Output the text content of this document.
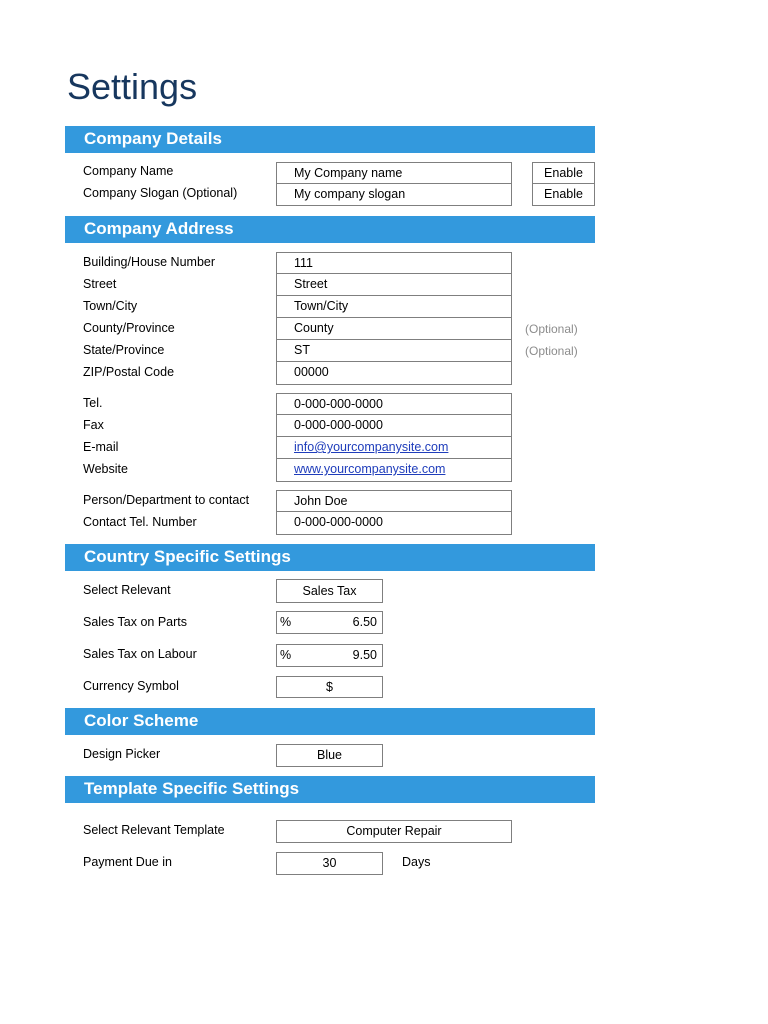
Settings
Company Details
Company Name	My Company name	Enable
Company Slogan (Optional)	My company slogan	Enable
Company Address
Building/House Number	111
Street	Street
Town/City	Town/City
County/Province	County	(Optional)
State/Province	ST	(Optional)
ZIP/Postal Code	00000
Tel.	0-000-000-0000
Fax	0-000-000-0000
E-mail	info@yourcompanysite.com
Website	www.yourcompanysite.com
Person/Department to contact	John Doe
Contact Tel. Number	0-000-000-0000
Country Specific Settings
Select Relevant	Sales Tax
Sales Tax on Parts	%	6.50
Sales Tax on Labour	%	9.50
Currency Symbol	$
Color Scheme
Design Picker	Blue
Template Specific Settings
Select Relevant Template	Computer Repair
Payment Due in	30	Days
